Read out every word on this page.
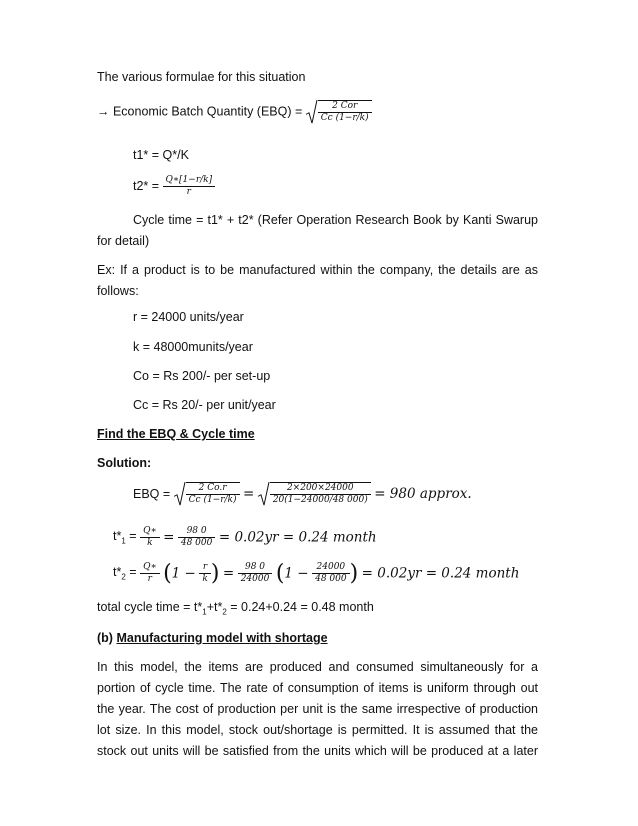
The various formulae for this situation
→ Economic Batch Quantity $(EBQ) = \frac{\text{2 Cor}}{Cc (1-r/k)}$
t1* = Q*/K
$t2* = \frac{Q∗[1-r/k]}{r}$
Cycle time = t1* + t2* (Refer Operation Research Book by Kanti Swarup
for detail)
Ex: If a product is to be manufactured within the company, the details are as
follows:
r = 24000 units/year
k = 48000munits/year
Co = Rs 200/- per set-up
Cc = Rs 20/- per unit/year
Find the EBQ & Cycle time
Solution:
EBQ = $\frac{2 Co.r}{Cc (1-r/k)} = \frac{2\times 200\times 24000}{20(1-24000/48 000)} = 980$ approx.
$t*_1 = \frac{Q∗}{k} = \frac{98 0}{48 000} = 0.02yr = 0.24$ month
$t*_2 = \frac{Q∗}{r} (1 - \frac{r}{k}$ ) = $\frac{98 0}{24000} (1 - \frac{24000}{48 000}$ ) = 0.02yr = 0.24 month
total cycle time = $t*_1+t*_2 = 0.24+0.24 = 0.48$ month
(b) Manufacturing model with shortage
In this model, the items are produced and consumed simultaneously for a
portion of cycle time. The rate of consumption of items is uniform through out
the year. The cost of production per unit is the same irrespective of production
lot size. In this model, stock out/shortage is permitted. It is assumed that the
stock out units will be satisfied from the units which will be produced at a later
